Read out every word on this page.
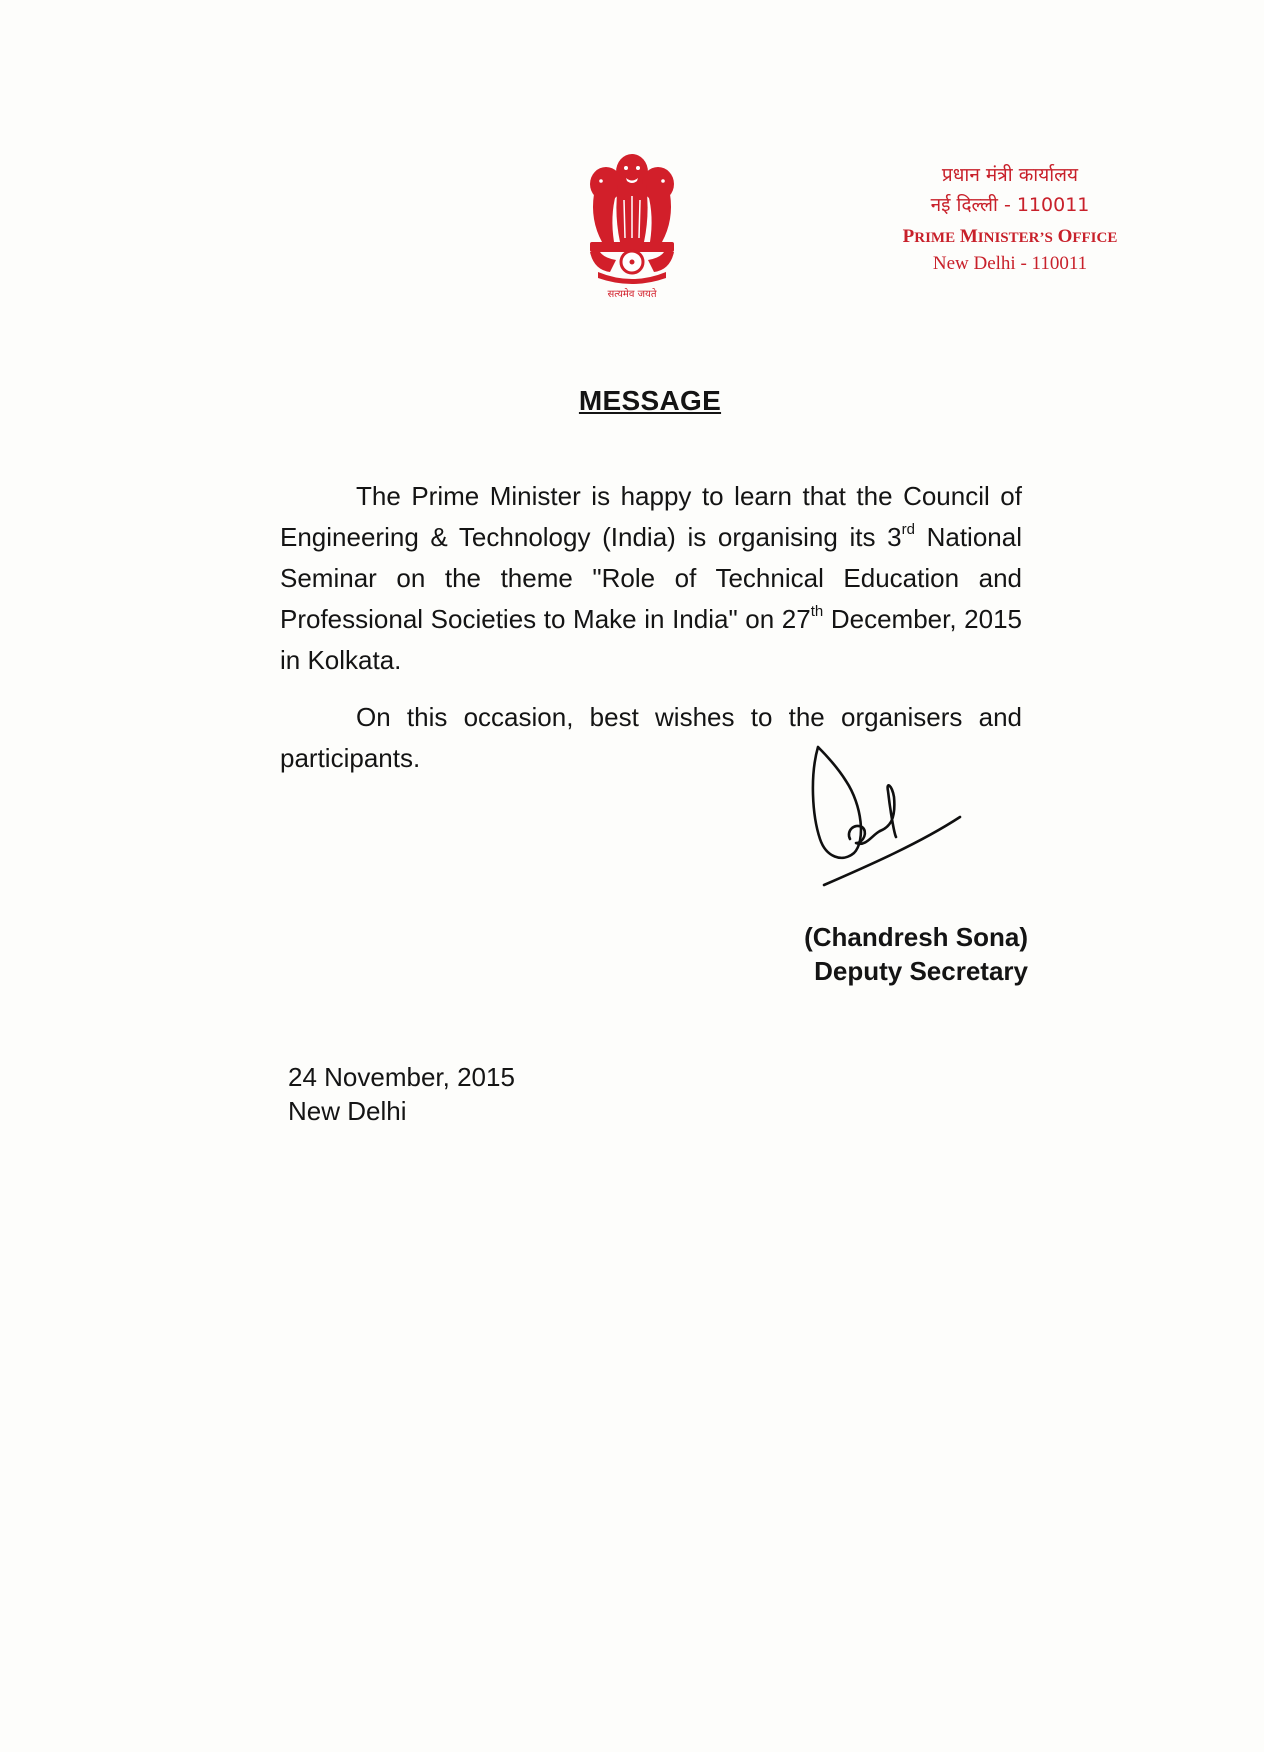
सत्यमेव जयते
प्रधान मंत्री कार्यालय
नई दिल्ली - 110011
PRIME MINISTER’S OFFICE
New Delhi - 110011
MESSAGE

The Prime Minister is happy to learn that the Council of Engineering & Technology (India) is organising its 3rd National Seminar on the theme "Role of Technical Education and Professional Societies to Make in India" on 27th December, 2015 in Kolkata.

On this occasion, best wishes to the organisers and participants.

(Chandresh Sona)
Deputy Secretary
24 November, 2015
New Delhi
